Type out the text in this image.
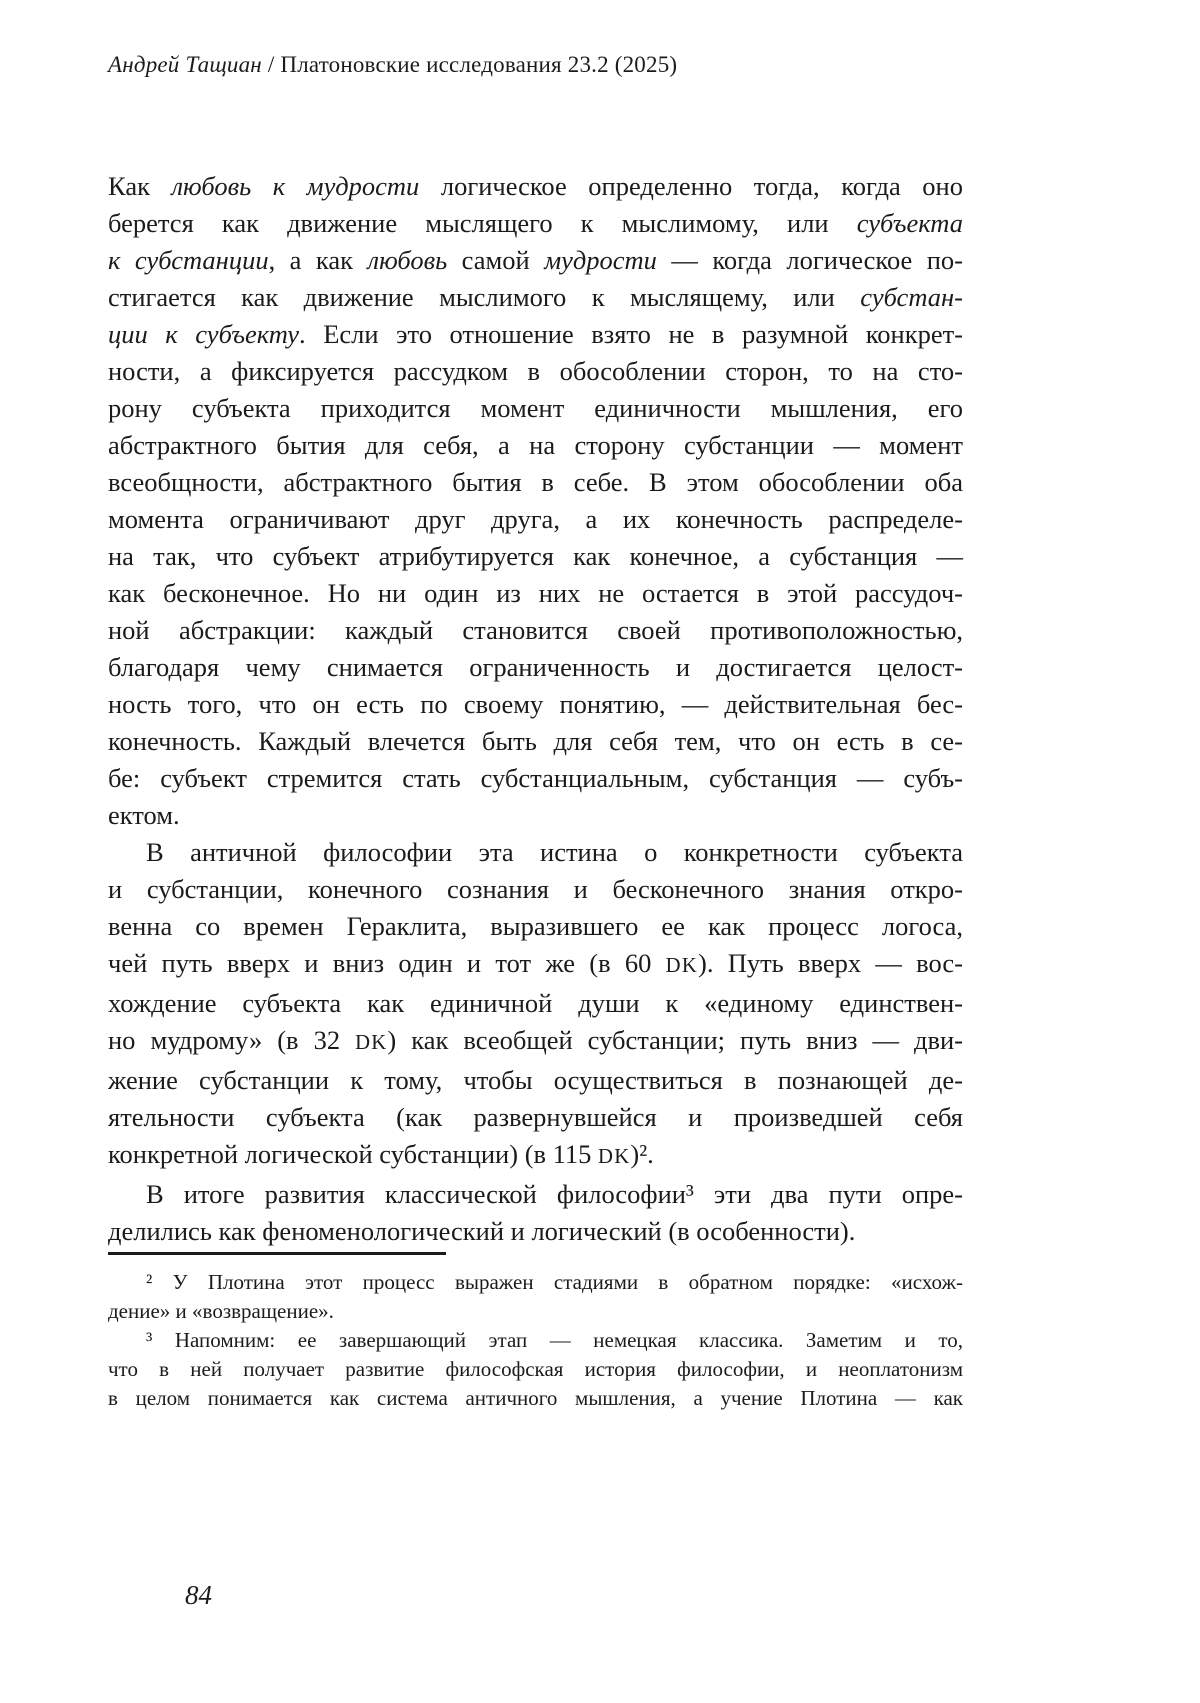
Андрей Тащиан / Платоновские исследования 23.2 (2025)
Как любовь к мудрости логическое определенно тогда, когда оно
берется как движение мыслящего к мыслимому, или субъекта
к субстанции, а как любовь самой мудрости — когда логическое по-
стигается как движение мыслимого к мыслящему, или субстан-
ции к субъекту. Если это отношение взято не в разумной конкрет-
ности, а фиксируется рассудком в обособлении сторон, то на сто-
рону субъекта приходится момент единичности мышления, его
абстрактного бытия для себя, а на сторону субстанции — момент
всеобщности, абстрактного бытия в себе. В этом обособлении оба
момента ограничивают друг друга, а их конечность распределе-
на так, что субъект атрибутируется как конечное, а субстанция —
как бесконечное. Но ни один из них не остается в этой рассудоч-
ной абстракции: каждый становится своей противоположностью,
благодаря чему снимается ограниченность и достигается целост-
ность того, что он есть по своему понятию, — действительная бес-
конечность. Каждый влечется быть для себя тем, что он есть в се-
бе: субъект стремится стать субстанциальным, субстанция — субъ-
ектом.
В античной философии эта истина о конкретности субъекта
и субстанции, конечного сознания и бесконечного знания откро-
венна со времен Гераклита, выразившего ее как процесс логоса,
чей путь вверх и вниз один и тот же (в 60 DK). Путь вверх — вос-
хождение субъекта как единичной души к «единому единствен-
но мудрому» (в 32 DK) как всеобщей субстанции; путь вниз — дви-
жение субстанции к тому, чтобы осуществиться в познающей де-
ятельности субъекта (как развернувшейся и произведшей себя
конкретной логической субстанции) (в 115 DK)².
В итоге развития классической философии³ эти два пути опре-
делились как феноменологический и логический (в особенности).
² У Плотина этот процесс выражен стадиями в обратном порядке: «исхож-
дение» и «возвращение».
³ Напомним: ее завершающий этап — немецкая классика. Заметим и то,
что в ней получает развитие философская история философии, и неоплатонизм
в целом понимается как система античного мышления, а учение Плотина — как
84
